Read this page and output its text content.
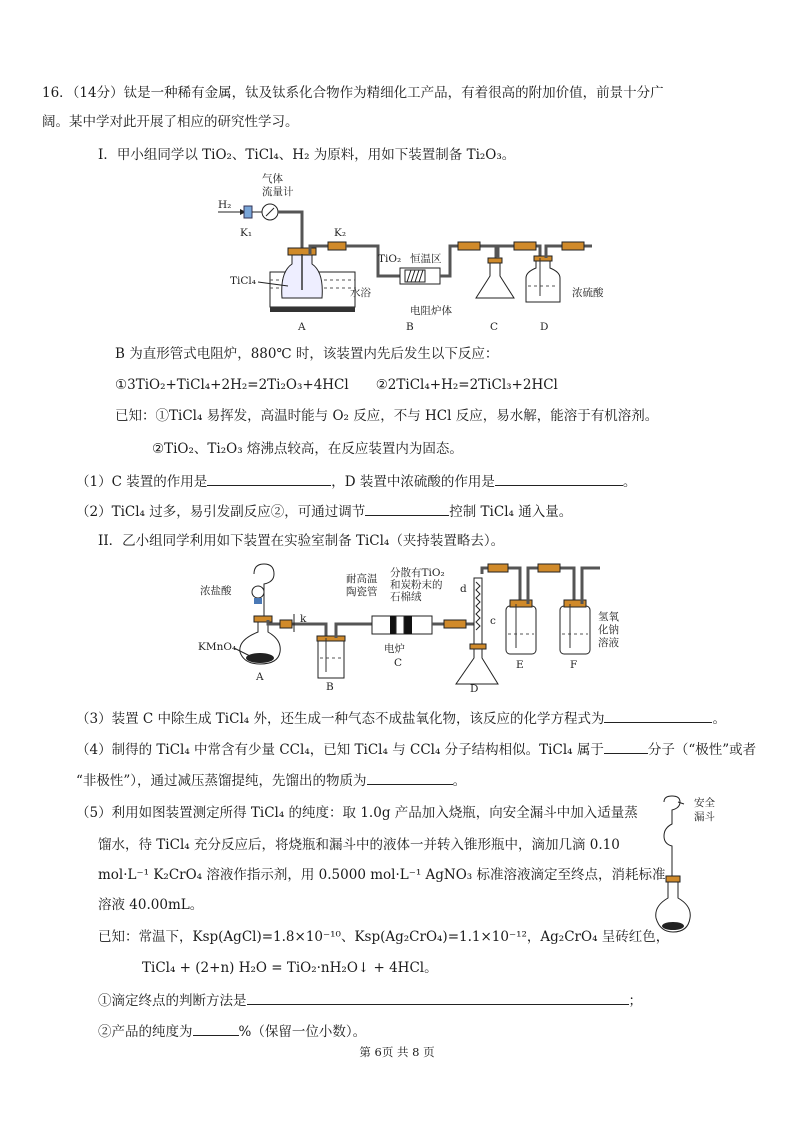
16．（14分）钛是一种稀有金属，钛及钛系化合物作为精细化工产品，有着很高的附加价值，前景十分广
阔。某中学对此开展了相应的研究性学习。
I．甲小组同学以 TiO₂、TiCl₄、H₂ 为原料，用如下装置制备 Ti₂O₃。
H₂
K₁
气体
流量计
TiCl₄
水浴
A
K₂
TiO₂ 恒温区
电阻炉体
B	C
浓硫酸
D
B 为直形管式电阻炉，880℃ 时，该装置内先后发生以下反应：
①3TiO₂+TiCl₄+2H₂=2Ti₂O₃+4HCl　　②2TiCl₄+H₂=2TiCl₃+2HCl
已知：①TiCl₄ 易挥发，高温时能与 O₂ 反应，不与 HCl 反应，易水解，能溶于有机溶剂。
②TiO₂、Ti₂O₃ 熔沸点较高，在反应装置内为固态。
（1）C 装置的作用是	，D 装置中浓硫酸的作用是	。
（2）TiCl₄ 过多，易引发副反应②，可通过调节	控制 TiCl₄ 通入量。
II．乙小组同学利用如下装置在实验室制备 TiCl₄（夹持装置略去）。
浓盐酸
KMnO₄
A
k
B
耐高温
陶瓷管
分散有TiO₂
和炭粉末的
石棉绒
电炉
C
d
c
D
E	F
氢氧
化钠
溶液
（3）装置 C 中除生成 TiCl₄ 外，还生成一种气态不成盐氧化物，该反应的化学方程式为	。
（4）制得的 TiCl₄ 中常含有少量 CCl₄，已知 TiCl₄ 与 CCl₄ 分子结构相似。TiCl₄ 属于	分子（“极性”或者
“非极性”），通过减压蒸馏提纯，先馏出的物质为	。
（5）利用如图装置测定所得 TiCl₄ 的纯度：取 1.0g 产品加入烧瓶，向安全漏斗中加入适量蒸
馏水，待 TiCl₄ 充分反应后，将烧瓶和漏斗中的液体一并转入锥形瓶中，滴加几滴 0.10
mol·L⁻¹ K₂CrO₄ 溶液作指示剂，用 0.5000 mol·L⁻¹ AgNO₃ 标准溶液滴定至终点，消耗标准
溶液 40.00mL。
安全
漏斗
已知：常温下，Ksp(AgCl)=1.8×10⁻¹⁰、Ksp(Ag₂CrO₄)=1.1×10⁻¹²，Ag₂CrO₄ 呈砖红色，
TiCl₄ + (2+n) H₂O = TiO₂·nH₂O↓ + 4HCl。
①滴定终点的判断方法是	；
②产品的纯度为	%（保留一位小数）。
第 6页 共 8 页
